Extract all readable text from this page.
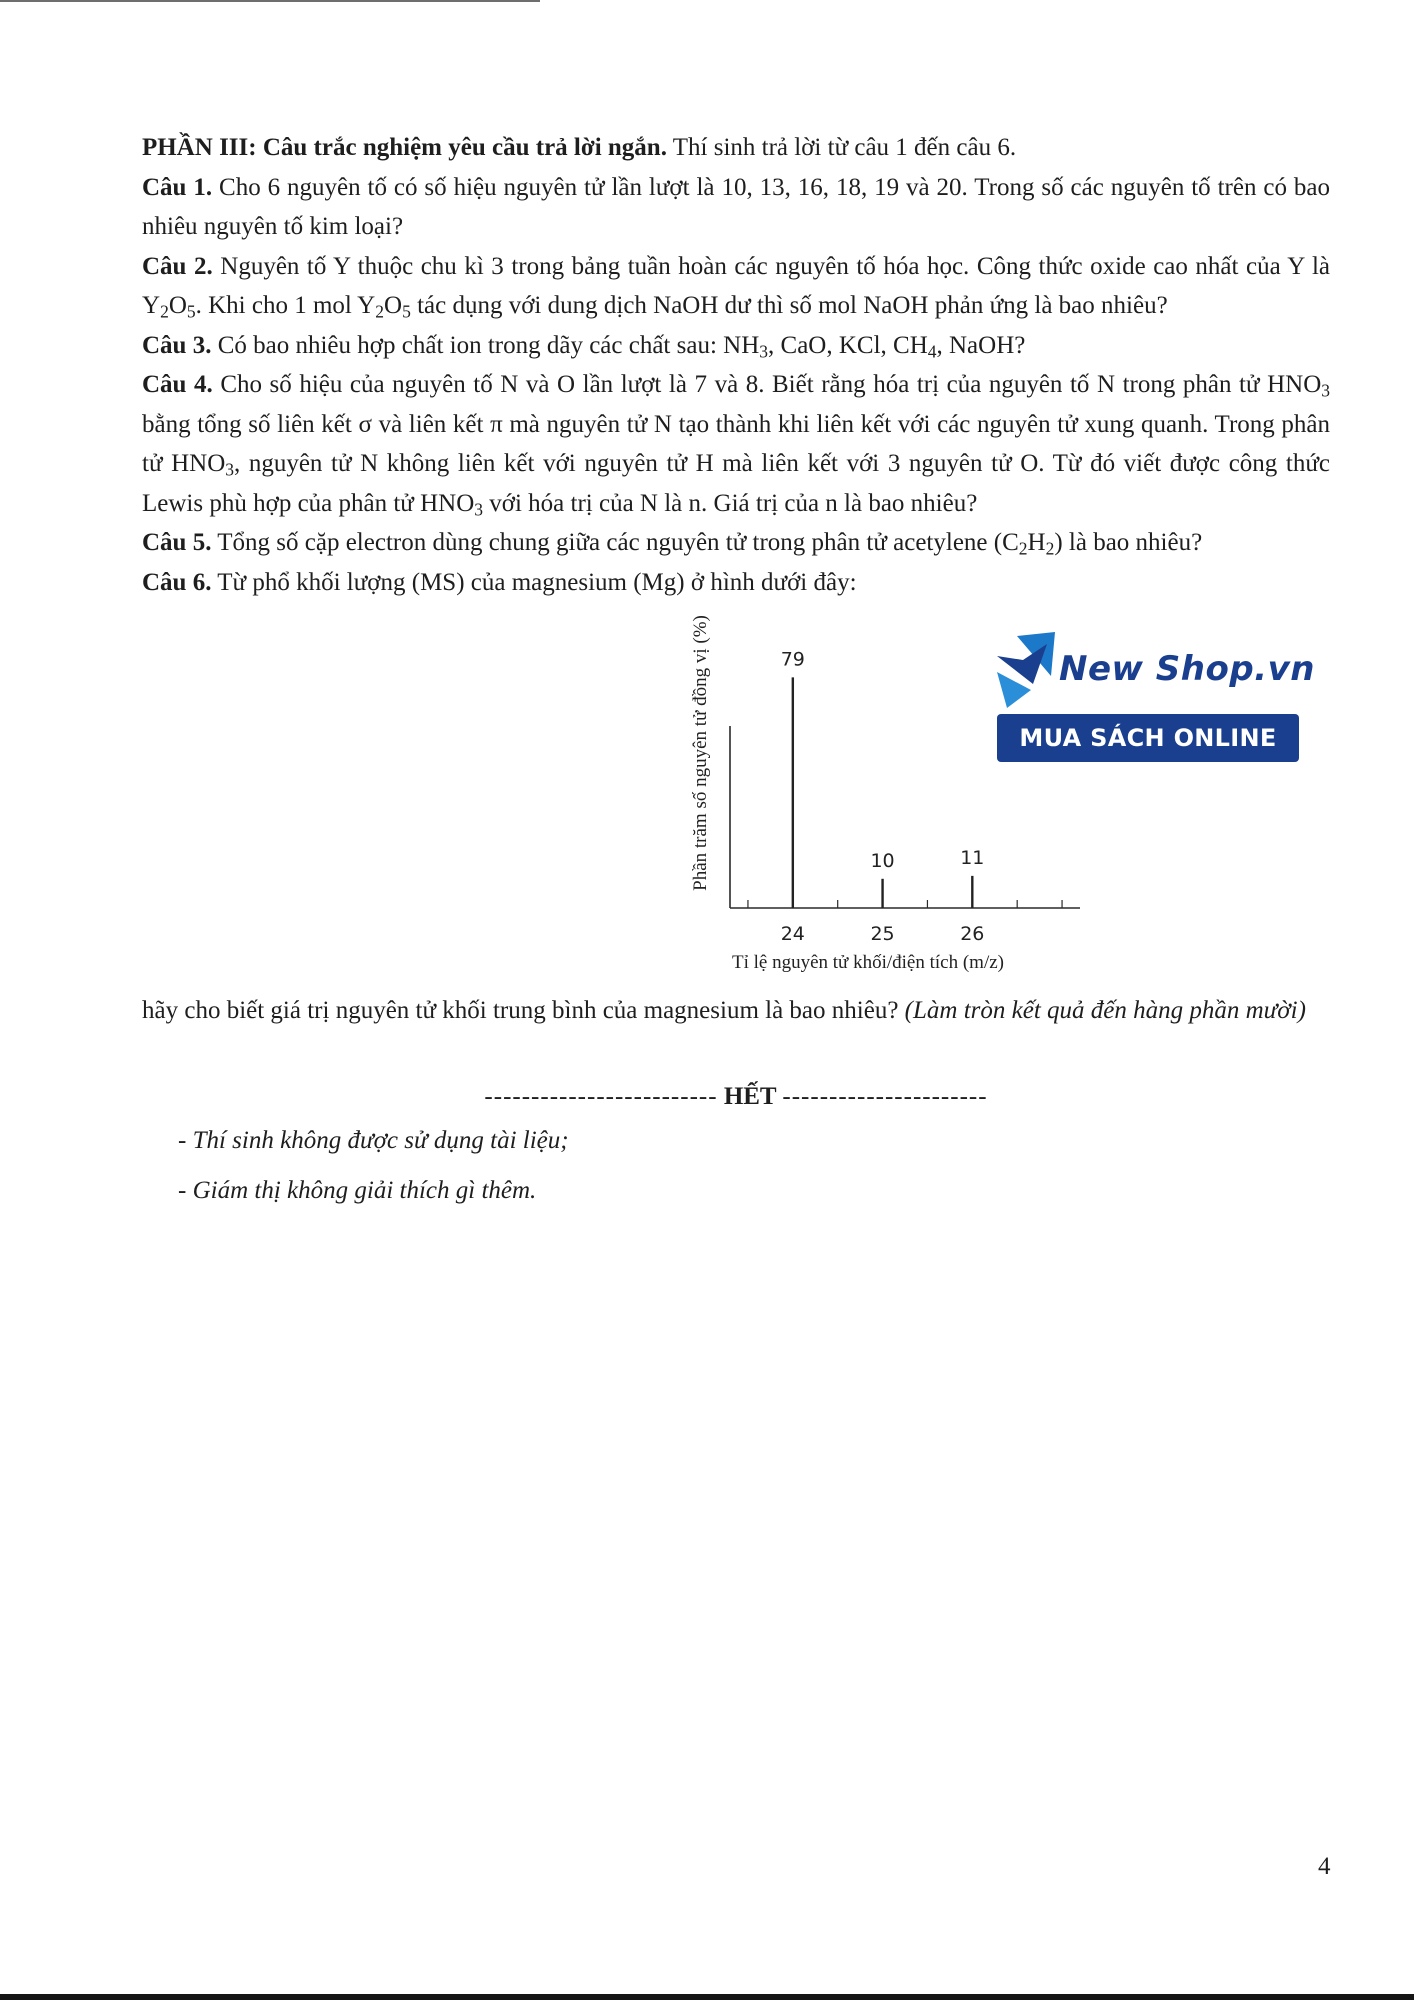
PHẦN III: Câu trắc nghiệm yêu cầu trả lời ngắn. Thí sinh trả lời từ câu 1 đến câu 6.

Câu 1. Cho 6 nguyên tố có số hiệu nguyên tử lần lượt là 10, 13, 16, 18, 19 và 20. Trong số các nguyên tố trên có bao nhiêu nguyên tố kim loại?

Câu 2. Nguyên tố Y thuộc chu kì 3 trong bảng tuần hoàn các nguyên tố hóa học. Công thức oxide cao nhất của Y là $Y_2O_5$. Khi cho 1 mol $Y_2O_5$ tác dụng với dung dịch NaOH dư thì số mol NaOH phản ứng là bao nhiêu?

Câu 3. Có bao nhiêu hợp chất ion trong dãy các chất sau: $NH_3$, CaO, KCl, $CH_4$, NaOH?

Câu 4. Cho số hiệu của nguyên tố N và O lần lượt là 7 và 8. Biết rằng hóa trị của nguyên tố N trong phân tử $HNO_3$ bằng tổng số liên kết σ và liên kết π mà nguyên tử N tạo thành khi liên kết với các nguyên tử xung quanh. Trong phân tử $HNO_3$, nguyên tử N không liên kết với nguyên tử H mà liên kết với 3 nguyên tử O. Từ đó viết được công thức Lewis phù hợp của phân tử $HNO_3$ với hóa trị của N là n. Giá trị của n là bao nhiêu?

Câu 5. Tổng số cặp electron dùng chung giữa các nguyên tử trong phân tử acetylene $(C_2H_2)$ là bao nhiêu?

Câu 6. Từ phổ khối lượng (MS) của magnesium (Mg) ở hình dưới đây:

Phần trăm số nguyên tử đồng vị (%)
Tỉ lệ nguyên tử khối/điện tích (m/z)
79
24
10
25
11
26
New Shop.vn
MUA SÁCH ONLINE

hãy cho biết giá trị nguyên tử khối trung bình của magnesium là bao nhiêu? (Làm tròn kết quả đến hàng phần mười)

------------------------- HẾT ----------------------

- Thí sinh không được sử dụng tài liệu;

- Giám thị không giải thích gì thêm.

4
